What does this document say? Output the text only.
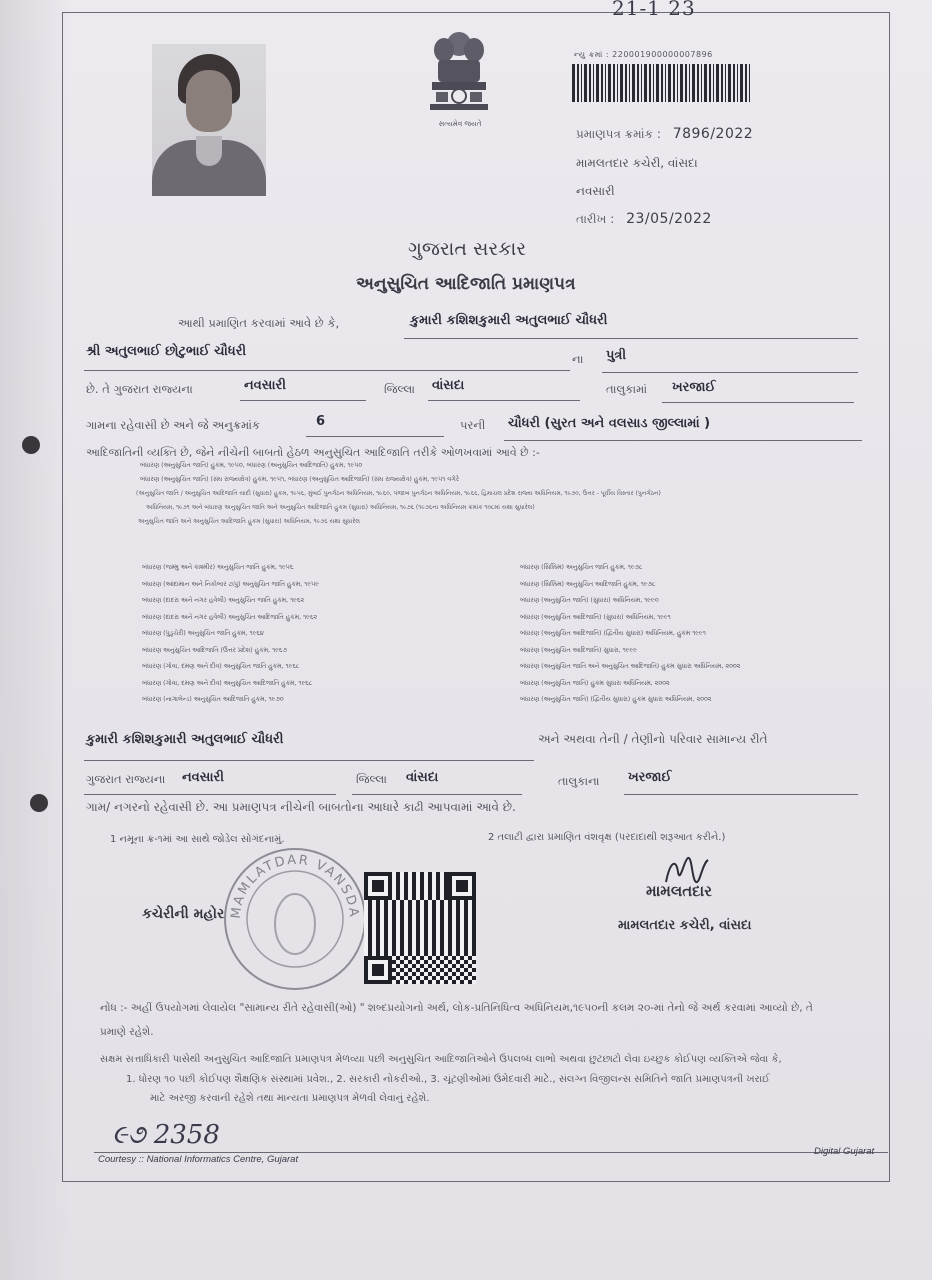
21-1 23
સત્યમેવ જયતે
ન્યુ ક્રમાં : 220001900000007896
પ્રમાણપત્ર ક્રમાંક : 7896/2022
મામલતદાર કચેરી, વાંસદા
નવસારી
તારીખ : 23/05/2022
ગુજરાત સરકાર
અનુસુચિત આદિજાતિ પ્રમાણપત્ર
આથી પ્રમાણિત કરવામાં આવે છે કે,	કુમારી કશિશકુમારી અતુલભાઈ ચૌધરી
શ્રી અતુલભાઈ છોટુભાઈ ચૌધરી	ના પુત્રી
છે. તે ગુજરાત રાજ્યના	નવસારી	જિલ્લા વાંસદા	તાલુકામાં ખરજાઈ
ગામના રહેવાસી છે અને જે અનુક્રમાંક	6	પરની ચૌધરી (સુરત અને વલસાડ જીલ્લામાં )
આદિજાતિની વ્યક્તિ છે, જેને નીચેની બાબતો હેઠળ અનુસુચિત આદિજાતિ તરીકે ઓળખવામાં આવે છે :-
બંધારણ (અનુસુચિત જાતિ) હુકમ, ૧૯૫૦, બંધારણ (અનુસુચિત આદિજાતિ) હુકમ, ૧૯૫૦
બંધારણ (અનુસુચિત જાતિ) (સંઘ રાજ્યક્ષેત્ર) હુકમ, ૧૯૫૧, બંધારણ (અનુસુચિત આદિજાતિ) (સંઘ રાજ્યક્ષેત્ર) હુકમ, ૧૯૫૧ વગેરે
(અનુસુચિત જાતિ / અનુસુચિત આદિજાતિ યાદી (સુધારા) હુકમ, ૧૯૫૬, મુંબઈ પુનર્ગઠન અધિનિયમ, ૧૯૬૦, પંજાબ પુનર્ગઠન અધિનિયમ, ૧૯૬૬, હિમાચલ પ્રદેશ રાજ્ય અધિનિયમ, ૧૯૭૦, ઉત્તર - પૂર્વીય વિસ્તાર (પુનર્ગઠન)
અધિનિયમ, ૧૯૭૧ અને બંધારણ અનુસુચિત જાતિ અને અનુસુચિત આદિજાતિ હુકમ (સુધારા) અધિનિયમ, ૧૯૭૬ (૧૯૭૬ના અધિનિયમ ક્રમાંક ૧૦૮માં યથા સુધારેલ)
અનુસુચિત જાતિ અને અનુસુચિત આદિજાતિ હુકમ (સુધારા) અધિનિયમ, ૧૯૭૬ યથા સુધારેલ
બંધારણ (જમ્મુ અને કાશ્મીર) અનુસુચિત જાતિ હુકમ, ૧૯૫૬
બંધારણ (આંદામાન અને નિકોબાર ટાપુ) અનુસુચિત જાતિ હુકમ, ૧૯૫૯
બંધારણ (દાદરા અને નગર હવેલી) અનુસુચિત જાતિ હુકમ, ૧૯૬૨
બંધારણ (દાદરા અને નગર હવેલી) અનુસુચિત આદિજાતિ હુકમ, ૧૯૬૨
બંધારણ (પુડુચેરી) અનુસુચિત જાતિ હુકમ, ૧૯૬૪
બંધારણ અનુસુચિત આદિજાતિ (ઉત્તર પ્રદેશ) હુકમ, ૧૯૬૭
બંધારણ (ગોવા, દમણ અને દીવ) અનુસુચિત જાતિ હુકમ, ૧૯૬૮
બંધારણ (ગોવા, દમણ અને દીવ) અનુસુચિત આદિજાતિ હુકમ, ૧૯૬૮
બંધારણ (નાગાલેન્ડ) અનુસુચિત આદિજાતિ હુકમ, ૧૯૭૦
બંધારણ (સિક્કિમ) અનુસુચિત જાતિ હુકમ, ૧૯૭૮
બંધારણ (સિક્કિમ) અનુસુચિત આદિજાતિ હુકમ, ૧૯૭૮
બંધારણ (અનુસુચિત જાતિ) (સુધારા) અધિનિયમ, ૧૯૯૦
બંધારણ (અનુસુચિત આદિજાતિ) (સુધારા) અધિનિયમ, ૧૯૯૧
બંધારણ (અનુસુચિત આદિજાતિ) (દ્વિતીય સુધારા) અધિનિયમ, હુકમ ૧૯૯૧
બંધારણ (અનુસુચિત આદિજાતિ) સુધારા, ૧૯૯૯
બંધારણ (અનુસુચિત જાતિ અને અનુસુચિત આદિજાતિ) હુકમ સુધારા અધિનિયમ, ૨૦૦૨
બંધારણ (અનુસુચિત જાતિ) હુકમ સુધારા અધિનિયમ, ૨૦૦૨
બંધારણ (અનુસુચિત જાતિ) (દ્વિતીય સુધારા) હુકમ સુધારા અધિનિયમ, ૨૦૦૨
કુમારી કશિશકુમારી અતુલભાઈ ચૌધરી	અને અથવા તેની / તેણીનો પરિવાર સામાન્ય રીતે
ગુજરાત રાજ્યના નવસારી	જિલ્લા વાંસદા	તાલુકાના ખરજાઈ
ગામ/ નગરનો રહેવાસી છે. આ પ્રમાણપત્ર નીચેની બાબતોના આધારે કાઢી આપવામાં આવે છે.
1 નમૂના ક્ર-૧માં આ સાથે જોડેલ સોગંદનામું.	2 તલાટી દ્વારા પ્રમાણિત વંશવૃક્ષ (પરદાદાથી શરૂઆત કરીને.)
MAMLATDAR VANSDA
કચેરીની મહોર
મામલતદાર
મામલતદાર કચેરી, વાંસદા
નોંધ :- અહીં ઉપયોગમાં લેવાયેલ "સામાન્ય રીતે રહેવાસી(ઓ) " શબ્દપ્રયોગનો અર્થ, લોક-પ્રતિનિધિત્વ અધિનિયમ,૧૯૫૦ની કલમ ૨૦-માં તેનો જે અર્થ કરવામાં આવ્યો છે, તે
પ્રમાણે રહેશે.
સક્ષમ સત્તાધિકારી પાસેથી અનુસુચિત આદિજાતિ પ્રમાણપત્ર મેળવ્યા પછી અનુસુચિત આદિજાતિઓને ઉપલબ્ધ લાભો અથવા છુટછાટો લેવા ઇચ્છુક કોઈપણ વ્યક્તિએ જેવા કે,
1. ધોરણ ૧૦ પછી કોઈપણ શૈક્ષણિક સંસ્થામાં પ્રવેશ., 2. સરકારી નોકરીઓ., 3. ચૂંટણીઓમાં ઉમેદવારી માટે., સંલગ્ન વિજીલન્સ સમિતિને જાતિ પ્રમાણપત્રની ખરાઈ
માટે અરજી કરવાની રહેશે તથા માન્યતા પ્રમાણપત્ર મેળવી લેવાનું રહેશે.
૯૭ 2358
Courtesy :: National Informatics Centre, Gujarat
Digital Gujarat
